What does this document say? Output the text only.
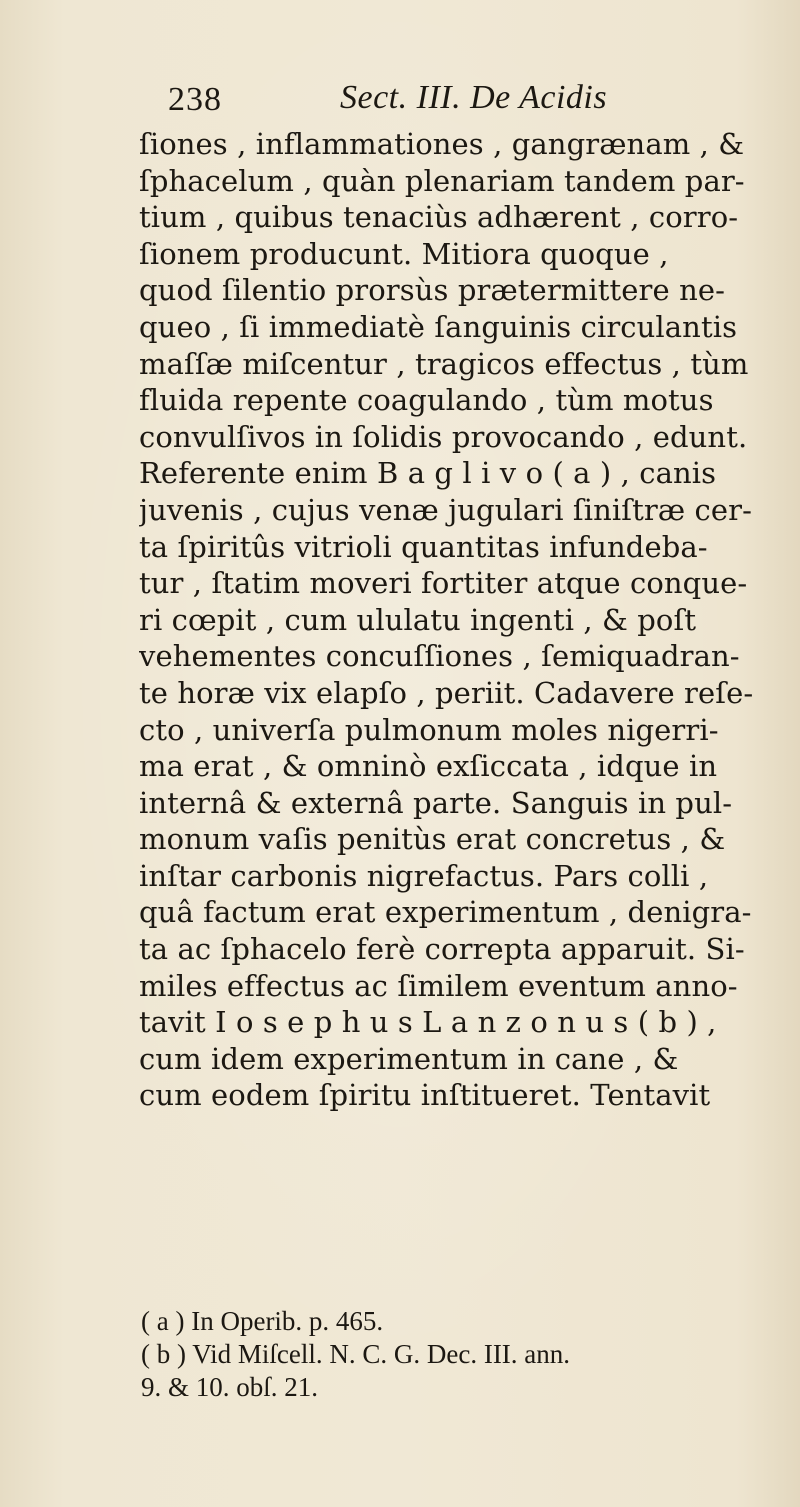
238	Sect. III. De Acidis
ſiones , inflammationes , gangrænam , &
ſphacelum , quàn plenariam tandem par-
tium , quibus tenaciùs adhærent , corro-
ſionem producunt. Mitiora quoque ,
quod ſilentio prorsùs prætermittere ne-
queo , ſi immediatè ſanguinis circulantis
maſſæ miſcentur , tragicos effectus , tùm
fluida repente coagulando , tùm motus
convulſivos in ſolidis provocando , edunt.
Referente enim B a g l i v o ( a ) , canis
juvenis , cujus venæ jugulari ſiniſtræ cer-
ta ſpiritûs vitrioli quantitas infundeba-
tur , ſtatim moveri fortiter atque conque-
ri cœpit , cum ululatu ingenti , & poſt
vehementes concuſſiones , ſemiquadran-
te horæ vix elapſo , periit. Cadavere reſe-
cto , univerſa pulmonum moles nigerri-
ma erat , & omninò exſiccata , idque in
internâ & externâ parte. Sanguis in pul-
monum vaſis penitùs erat concretus , &
inſtar carbonis nigrefactus. Pars colli ,
quâ factum erat experimentum , denigra-
ta ac ſphacelo ferè correpta apparuit. Si-
miles effectus ac ſimilem eventum anno-
tavit I o s e p h u s L a n z o n u s ( b ) ,
cum idem experimentum in cane , &
cum eodem ſpiritu inſtitueret. Tentavit
( a ) In Operib. p. 465.
( b ) Vid Miſcell. N. C. G. Dec. III. ann.
9. & 10. obſ. 21.
